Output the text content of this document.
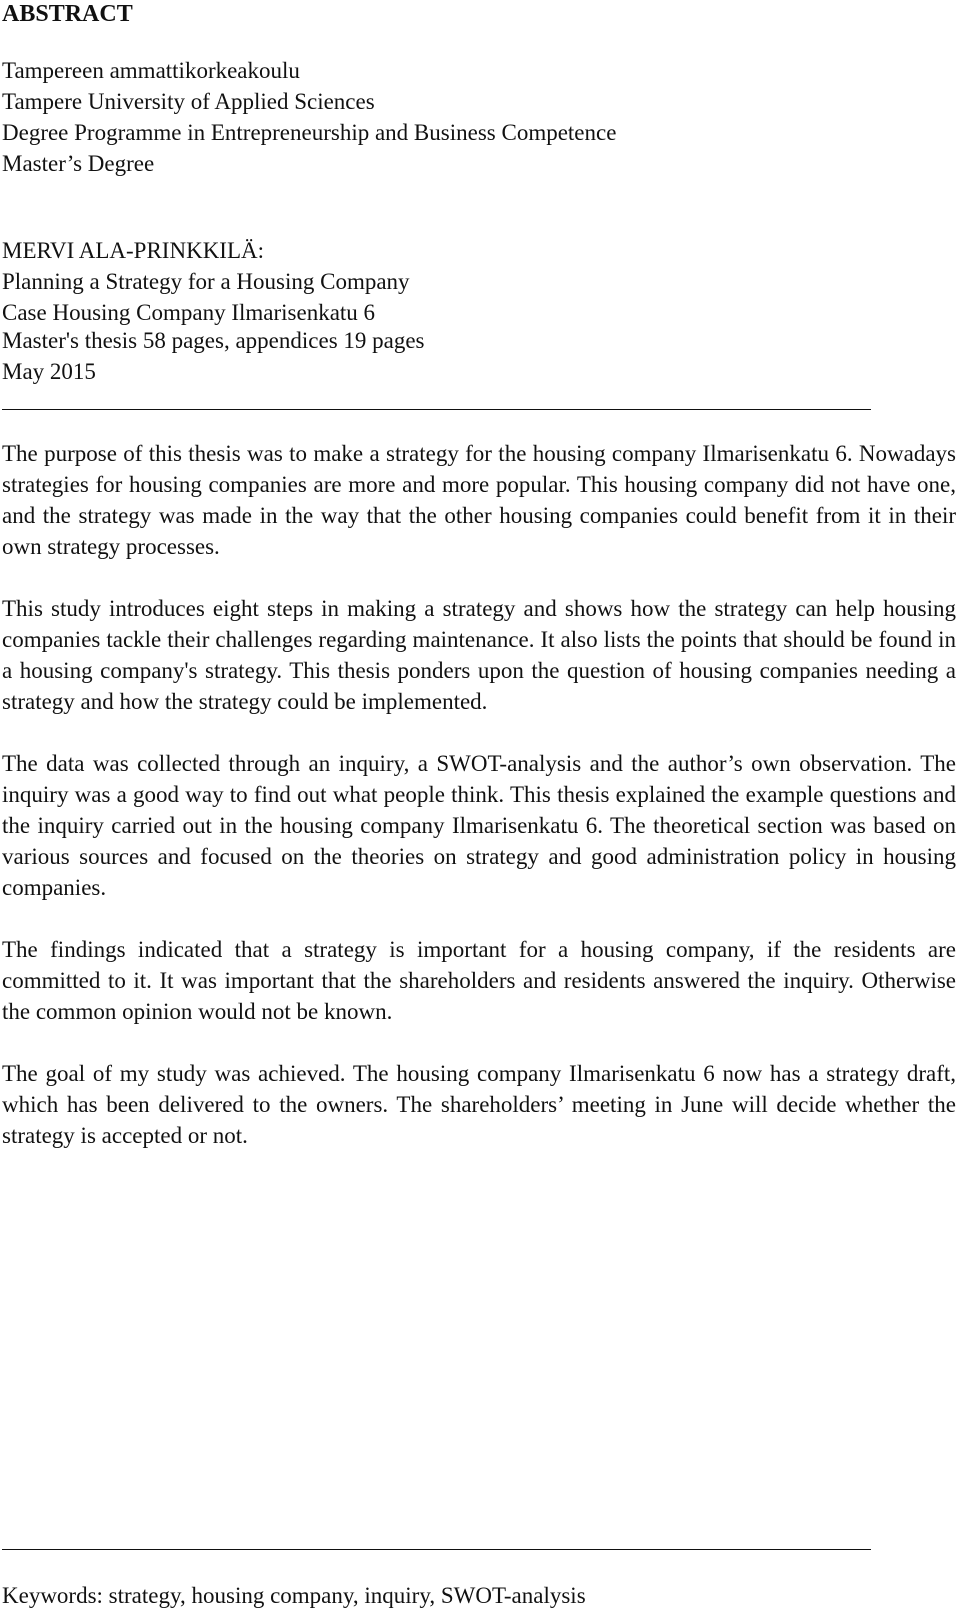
ABSTRACT
Tampereen ammattikorkeakoulu
Tampere University of Applied Sciences
Degree Programme in Entrepreneurship and Business Competence
Master’s Degree
MERVI ALA-PRINKKILÄ:
Planning a Strategy for a Housing Company
Case Housing Company Ilmarisenkatu 6
Master's thesis 58 pages, appendices 19 pages
May 2015

The purpose of this thesis was to make a strategy for the housing company Ilmarisenkatu 6. Nowadays strategies for housing companies are more and more popular. This housing company did not have one, and the strategy was made in the way that the other housing companies could benefit from it in their own strategy processes.

This study introduces eight steps in making a strategy and shows how the strategy can help housing companies tackle their challenges regarding maintenance. It also lists the points that should be found in a housing company's strategy. This thesis ponders upon the question of housing companies needing a strategy and how the strategy could be implemented.

The data was collected through an inquiry, a SWOT-analysis and the author’s own observation. The inquiry was a good way to find out what people think. This thesis explained the example questions and the inquiry carried out in the housing company Ilmarisenkatu 6. The theoretical section was based on various sources and focused on the theories on strategy and good administration policy in housing companies.

The findings indicated that a strategy is important for a housing company, if the residents are committed to it. It was important that the shareholders and residents answered the inquiry. Otherwise the common opinion would not be known.

The goal of my study was achieved. The housing company Ilmarisenkatu 6 now has a strategy draft, which has been delivered to the owners. The shareholders’ meeting in June will decide whether the strategy is accepted or not.

Keywords: strategy, housing company, inquiry, SWOT-analysis
